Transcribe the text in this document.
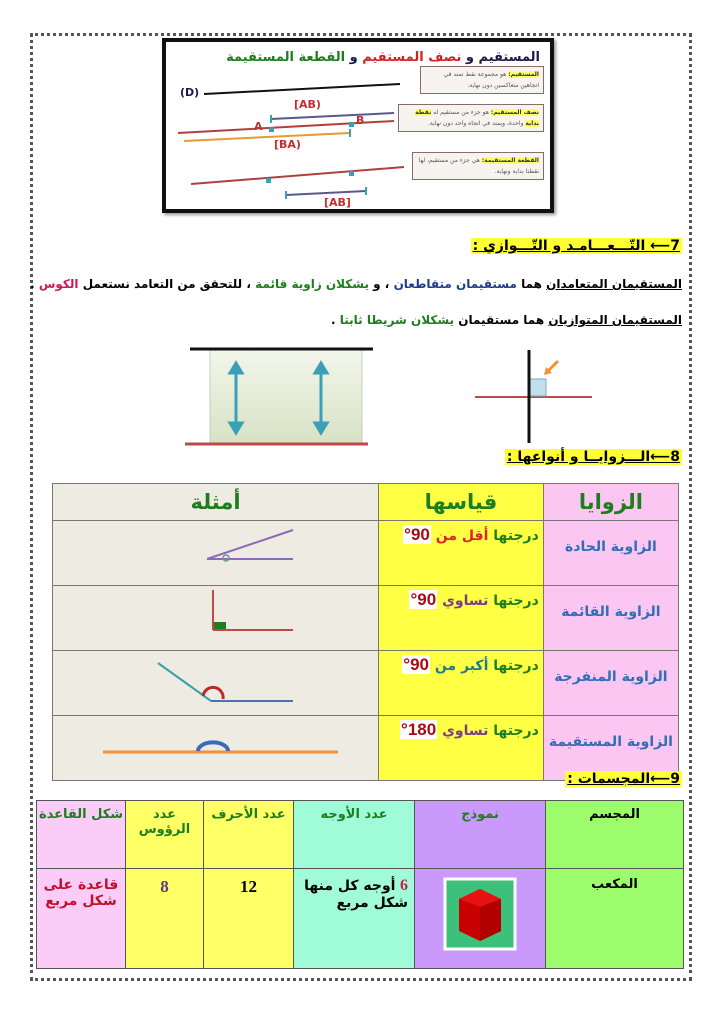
المستقيم و نصف المستقيم و القطعة المستقيمة
(D)
[AB)
A	B
[BA)
[AB]
المستقيم: هو مجموعة نقط تمتد في اتجاهين متعاكسين دون نهاية.
نصف المستقيم: هو جزء من مستقيم له نقطة بداية واحدة، ويمتد في اتجاه واحد دون نهاية.
القطعة المستقيمة: هي جزء من مستقيم، لها نقطتا بداية ونهاية.
7⟵ التّـــعـــامـد و التّـــوازي :
المستقيمان المتعامدان هما مستقيمان متقاطعان ، و يشكلان زاوية قائمة ، للتحقق من التعامد نستعمل الكوس .
المستقيمان المتوازيان هما مستقيمان يشكلان شريطا ثابتا .
8⟵الـــزوايــا و أنواعها :
الزوايا	قياسها	أمثلة
الزاوية الحادة	درجتها أقل من 90°	
الزاوية القائمة	درجتها تساوي 90°	
الزاوية المنفرجة	درجتها أكبر من 90°	
الزاوية المستقيمة	درجتها تساوي 180°	
9⟵المجسمات :
المجسم	نموذج	عدد الأوجه	عدد الأحرف	عدد الرؤوس	شكل القاعدة
المكعب		6 أوجه كل منها شكل مربع	12	8	قاعدة على شكل مربع
